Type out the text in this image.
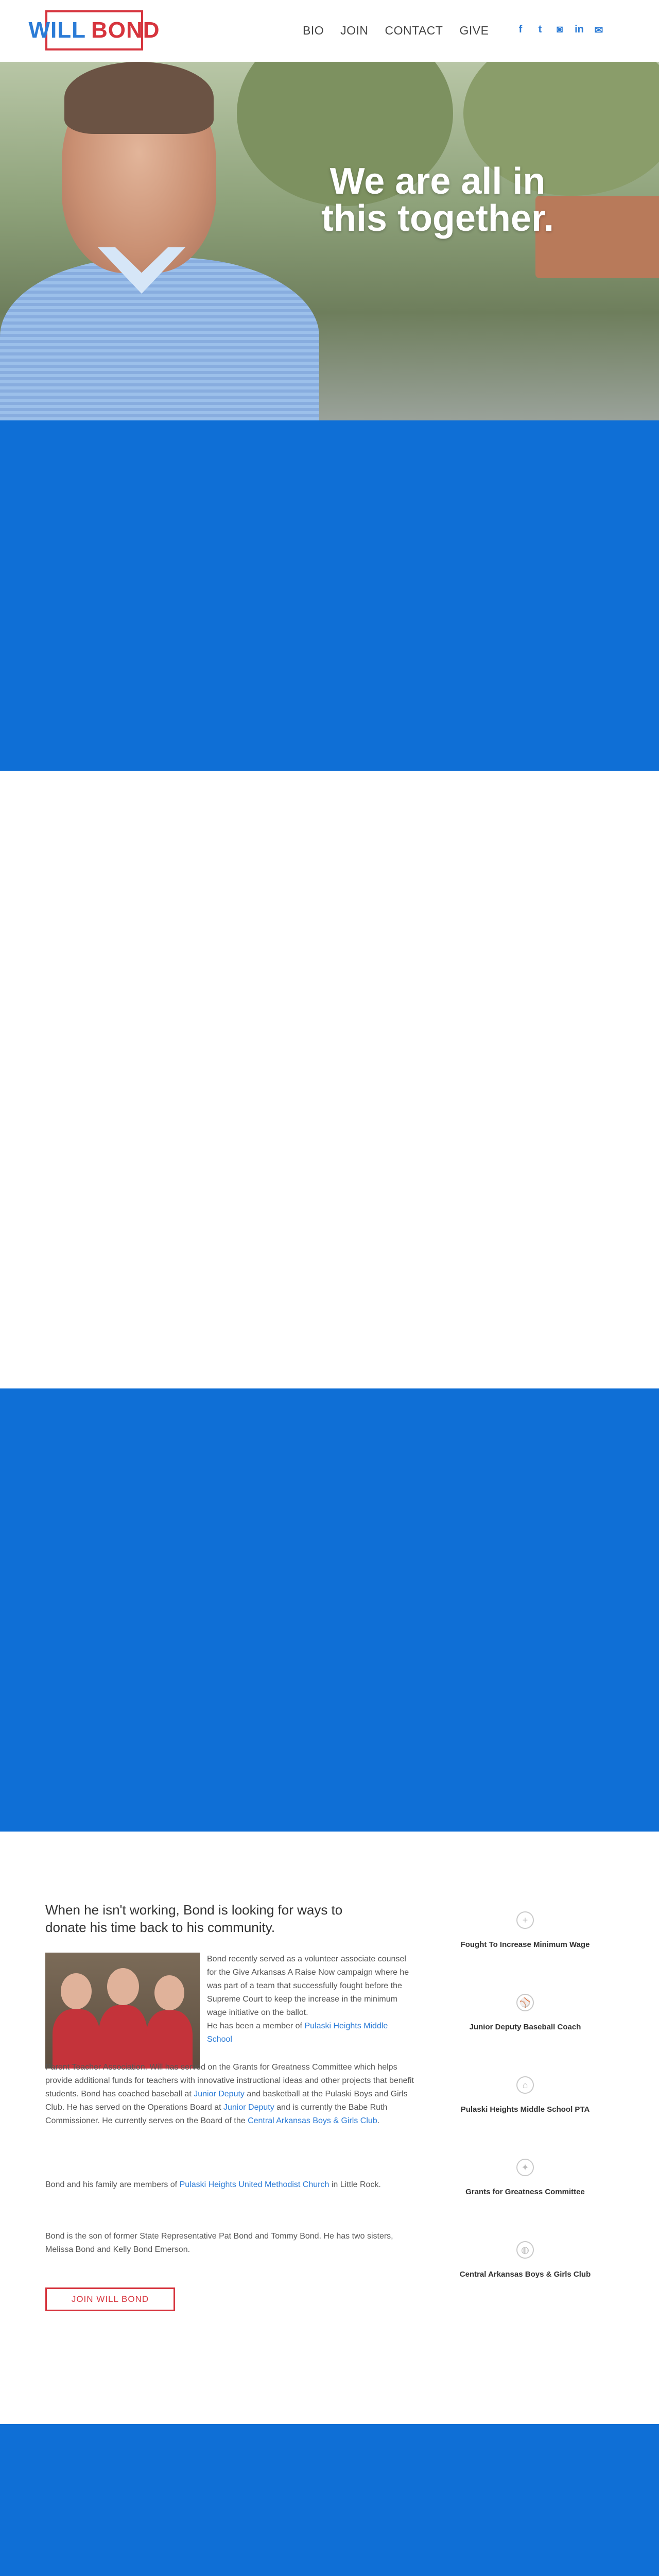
WILL BOND	BIO JOIN CONTACT GIVE	f	t	◙ in ✉
We are all in this together.
When he isn't working, Bond is looking for ways to donate his time back to his community.

Bond recently served as a volunteer associate counsel for the Give Arkansas A Raise Now campaign where he was part of a team that successfully fought before the Supreme Court to keep the increase in the minimum wage initiative on the ballot.

He has been a member of Pulaski Heights Middle School

Parent Teacher Association. Will has served on the Grants for Greatness Committee which helps provide additional funds for teachers with innovative instructional ideas and other projects that benefit students. Bond has coached baseball at Junior Deputy and basketball at the Pulaski Boys and Girls Club. He has served on the Operations Board at Junior Deputy and is currently the Babe Ruth Commissioner. He currently serves on the Board of the Central Arkansas Boys & Girls Club.

Bond and his family are members of Pulaski Heights United Methodist Church in Little Rock.

Bond is the son of former State Representative Pat Bond and Tommy Bond. He has two sisters, Melissa Bond and Kelly Bond Emerson.

JOIN WILL BOND
+
Fought To Increase Minimum Wage
⚾
Junior Deputy Baseball Coach
⌂
Pulaski Heights Middle School PTA
✦
Grants for Greatness Committee
◍
Central Arkansas Boys & Girls Club
